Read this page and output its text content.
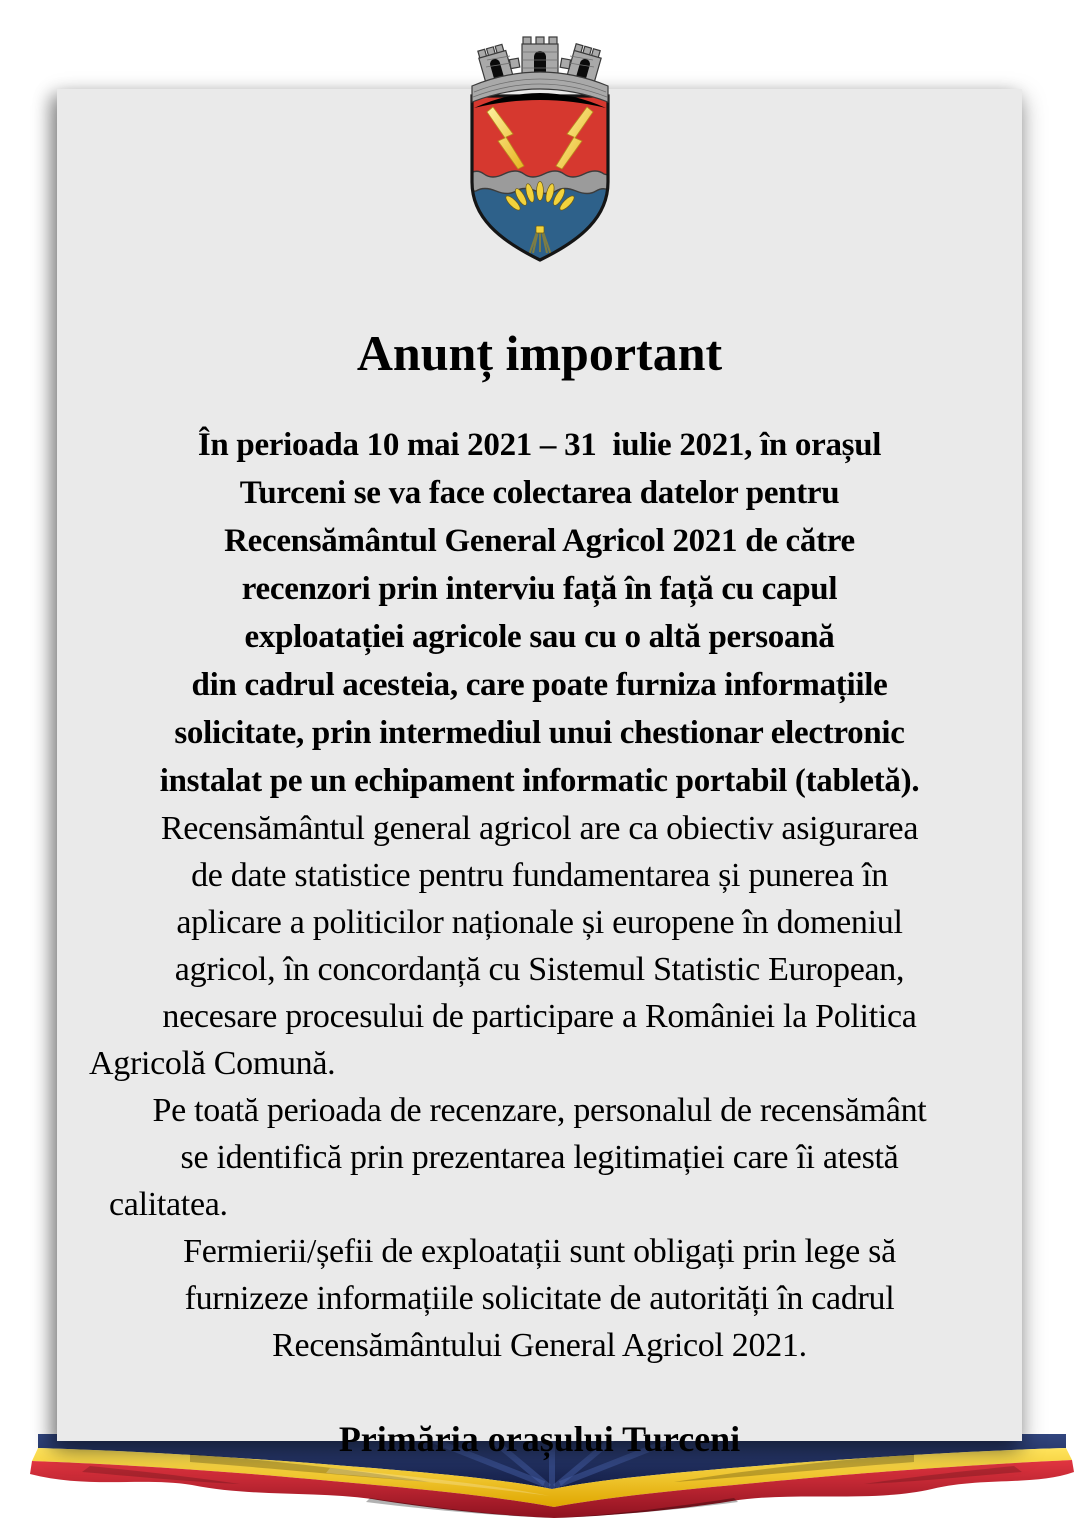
Anunț important
În perioada 10 mai 2021 – 31  iulie 2021, în orașul
Turceni se va face colectarea datelor pentru
Recensământul General Agricol 2021 de către
recenzori prin interviu față în față cu capul
exploatației agricole sau cu o altă persoană
din cadrul acesteia, care poate furniza informațiile
solicitate, prin intermediul unui chestionar electronic
instalat pe un echipament informatic portabil (tabletă).
Recensământul general agricol are ca obiectiv asigurarea
de date statistice pentru fundamentarea și punerea în
aplicare a politicilor naționale și europene în domeniul
agricol, în concordanță cu Sistemul Statistic European,
necesare procesului de participare a României la Politica
Agricolă Comună.
Pe toată perioada de recenzare, personalul de recensământ
se identifică prin prezentarea legitimației care îi atestă
calitatea.
Fermierii/șefii de exploatații sunt obligați prin lege să
furnizeze informațiile solicitate de autorități în cadrul
Recensământului General Agricol 2021.
Primăria orașului Turceni
